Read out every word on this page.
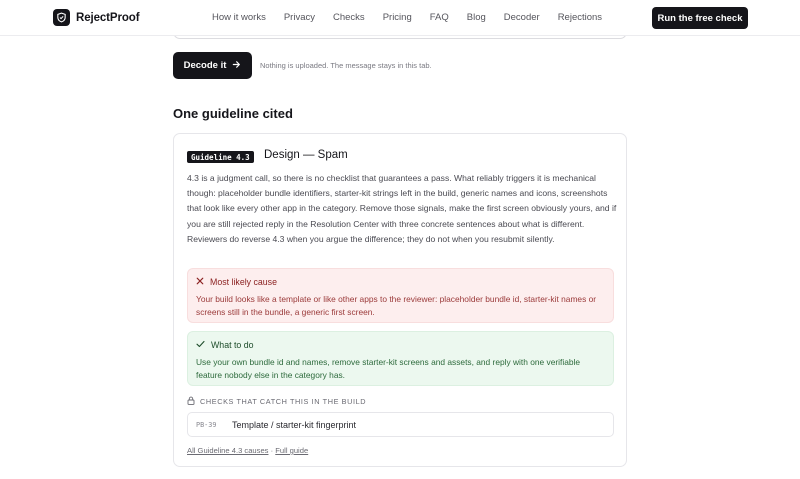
RejectProof	How it works Privacy Checks Pricing FAQ Blog Decoder Rejections	Run the free check
Decode it	Nothing is uploaded. The message stays in this tab.
One guideline cited
Guideline 4.3	Design — Spam

4.3 is a judgment call, so there is no checklist that guarantees a pass. What reliably triggers it is mechanical though: placeholder bundle identifiers, starter-kit strings left in the build, generic names and icons, screenshots that look like every other app in the category. Remove those signals, make the first screen obviously yours, and if you are still rejected reply in the Resolution Center with three concrete sentences about what is different. Reviewers do reverse 4.3 when you argue the difference; they do not when you resubmit silently.

Most likely cause
Your build looks like a template or like other apps to the reviewer: placeholder bundle id, starter-kit names or screens still in the bundle, a generic first screen.
What to do
Use your own bundle id and names, remove starter-kit screens and assets, and reply with one verifiable feature nobody else in the category has.
CHECKS THAT CATCH THIS IN THE BUILD
PB-39 Template / starter-kit fingerprint
All Guideline 4.3 causes · Full guide
